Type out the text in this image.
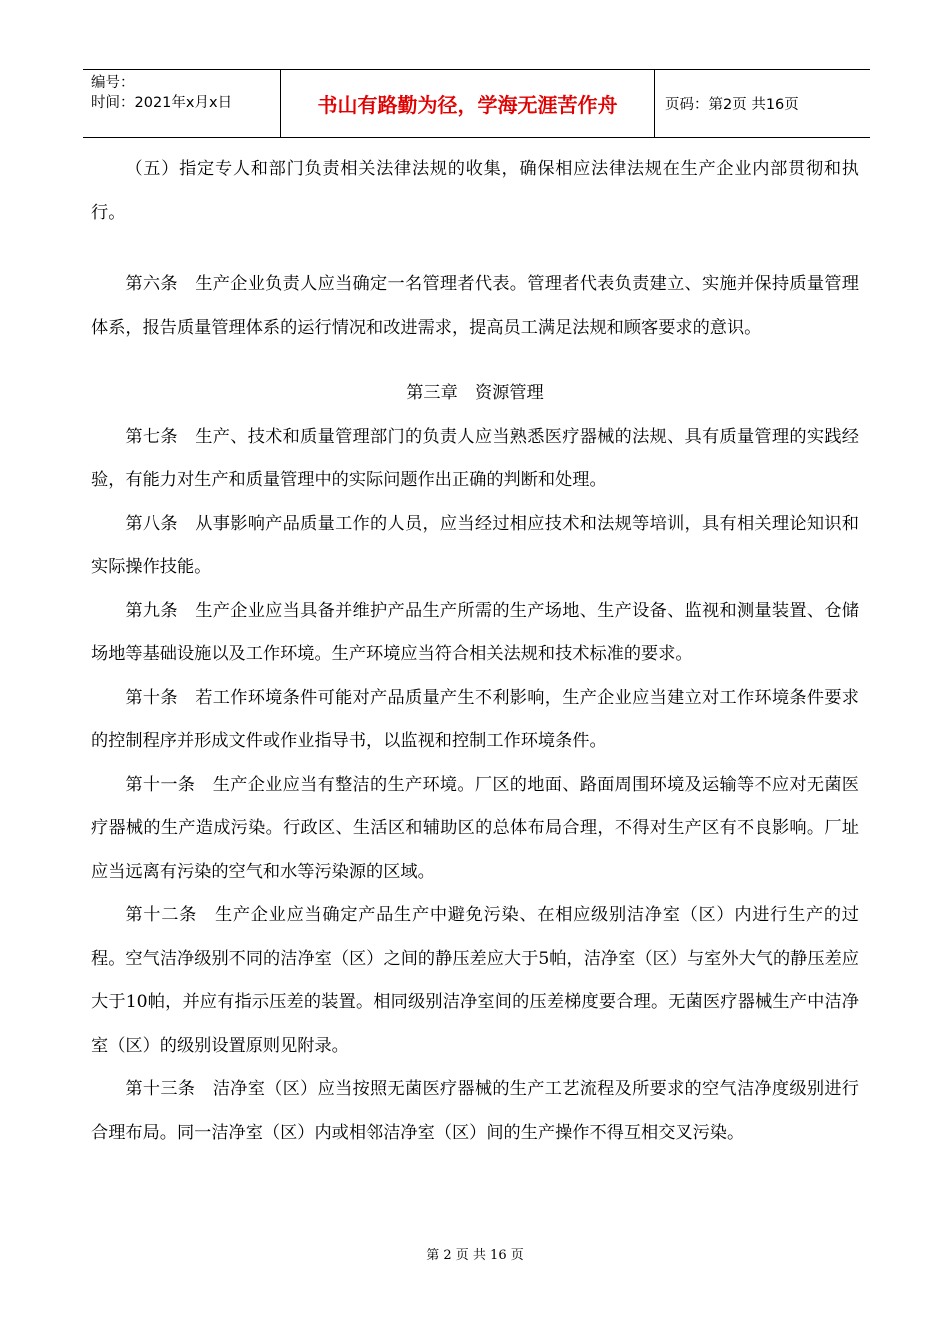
编号：
时间：2021年x月x日	书山有路勤为径，学海无涯苦作舟	页码：第2页 共16页

（五）指定专人和部门负责相关法律法规的收集，确保相应法律法规在生产企业内部贯彻和执行。

第六条　生产企业负责人应当确定一名管理者代表。管理者代表负责建立、实施并保持质量管理体系，报告质量管理体系的运行情况和改进需求，提高员工满足法规和顾客要求的意识。

第三章　资源管理

第七条　生产、技术和质量管理部门的负责人应当熟悉医疗器械的法规、具有质量管理的实践经验，有能力对生产和质量管理中的实际问题作出正确的判断和处理。

第八条　从事影响产品质量工作的人员，应当经过相应技术和法规等培训，具有相关理论知识和实际操作技能。

第九条　生产企业应当具备并维护产品生产所需的生产场地、生产设备、监视和测量装置、仓储场地等基础设施以及工作环境。生产环境应当符合相关法规和技术标准的要求。

第十条　若工作环境条件可能对产品质量产生不利影响，生产企业应当建立对工作环境条件要求的控制程序并形成文件或作业指导书，以监视和控制工作环境条件。

第十一条　生产企业应当有整洁的生产环境。厂区的地面、路面周围环境及运输等不应对无菌医疗器械的生产造成污染。行政区、生活区和辅助区的总体布局合理，不得对生产区有不良影响。厂址应当远离有污染的空气和水等污染源的区域。

第十二条　生产企业应当确定产品生产中避免污染、在相应级别洁净室（区）内进行生产的过程。空气洁净级别不同的洁净室（区）之间的静压差应大于5帕，洁净室（区）与室外大气的静压差应大于10帕，并应有指示压差的装置。相同级别洁净室间的压差梯度要合理。无菌医疗器械生产中洁净室（区）的级别设置原则见附录。

第十三条　洁净室（区）应当按照无菌医疗器械的生产工艺流程及所要求的空气洁净度级别进行合理布局。同一洁净室（区）内或相邻洁净室（区）间的生产操作不得互相交叉污染。

第 2 页 共 16 页
